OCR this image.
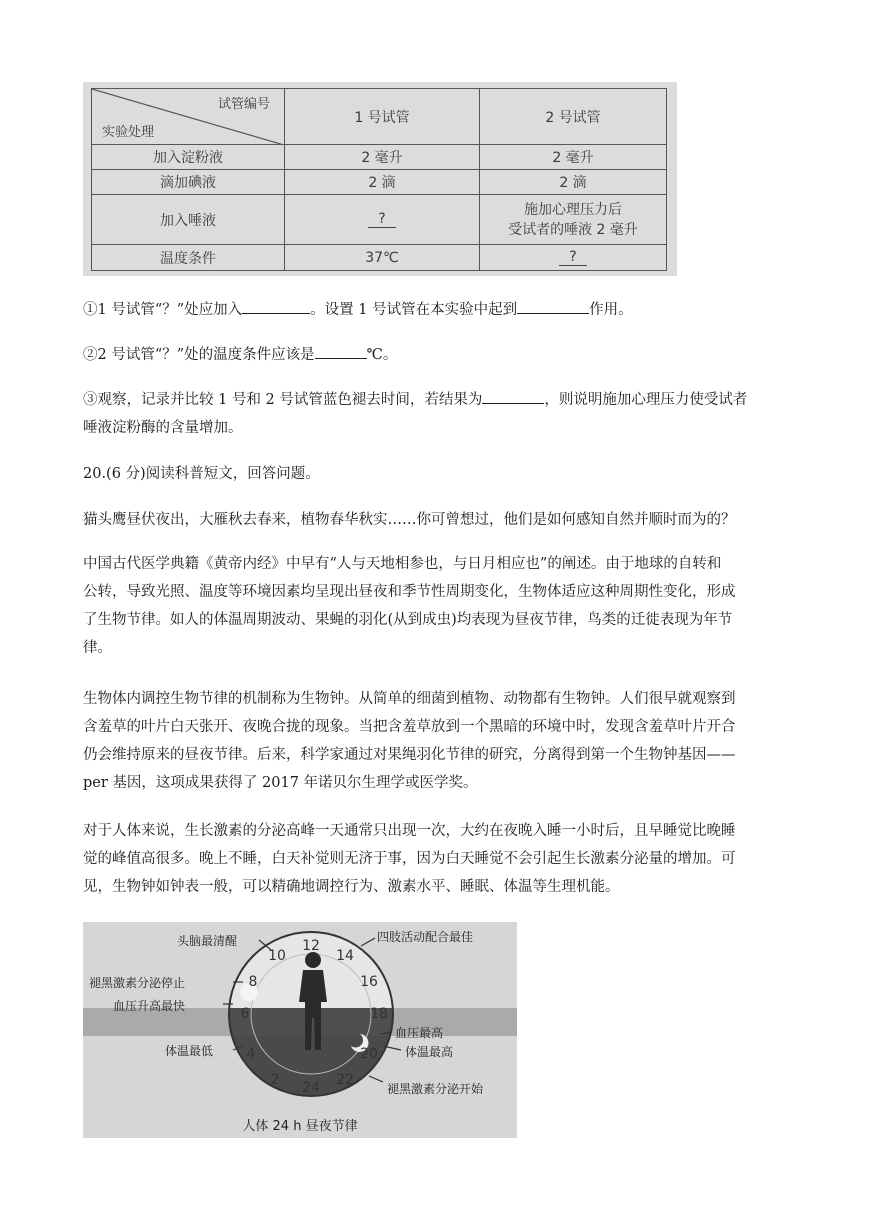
试管编号
实验处理	1 号试管	2 号试管
加入淀粉液	2 毫升	2 毫升
滴加碘液	2 滴	2 滴
加入唾液	?	施加心理压力后
受试者的唾液 2 毫升

温度条件	37℃	?

①1 号试管“？”处应加入	。设置 1 号试管在本实验中起到	作用。

②2 号试管“？”处的温度条件应该是	℃。

③观察，记录并比较 1 号和 2 号试管蓝色褪去时间，若结果为	，则说明施加心理压力使受试者
唾液淀粉酶的含量增加。

20.(6 分)阅读科普短文，回答问题。

猫头鹰昼伏夜出，大雁秋去春来，植物春华秋实……你可曾想过，他们是如何感知自然并顺时而为的？

中国古代医学典籍《黄帝内经》中早有“人与天地相参也，与日月相应也”的阐述。由于地球的自转和
公转，导致光照、温度等环境因素均呈现出昼夜和季节性周期变化，生物体适应这种周期性变化，形成
了生物节律。如人的体温周期波动、果蝇的羽化(从到成虫)均表现为昼夜节律，鸟类的迁徙表现为年节
律。

生物体内调控生物节律的机制称为生物钟。从简单的细菌到植物、动物都有生物钟。人们很早就观察到
含羞草的叶片白天张开、夜晚合拢的现象。当把含羞草放到一个黑暗的环境中时，发现含羞草叶片开合
仍会维持原来的昼夜节律。后来，科学家通过对果绳羽化节律的研究，分离得到第一个生物钟基因——
per 基因，这项成果获得了 2017 年诺贝尔生理学或医学奖。

对于人体来说，生长激素的分泌高峰一天通常只出现一次，大约在夜晚入睡一小时后，且早睡觉比晚睡
觉的峰值高很多。晚上不睡，白天补觉则无济于事，因为白天睡觉不会引起生长激素分泌量的增加。可
见，生物钟如钟表一般，可以精确地调控行为、激素水平、睡眠、体温等生理机能。

12
14
16
18
20
22
24
2
4
6
8
10
头脑最清醒
褪黑激素分泌停止
血压升高最快
体温最低
四肢活动配合最佳
血压最高
体温最高
褪黑激素分泌开始
人体 24 h 昼夜节律
